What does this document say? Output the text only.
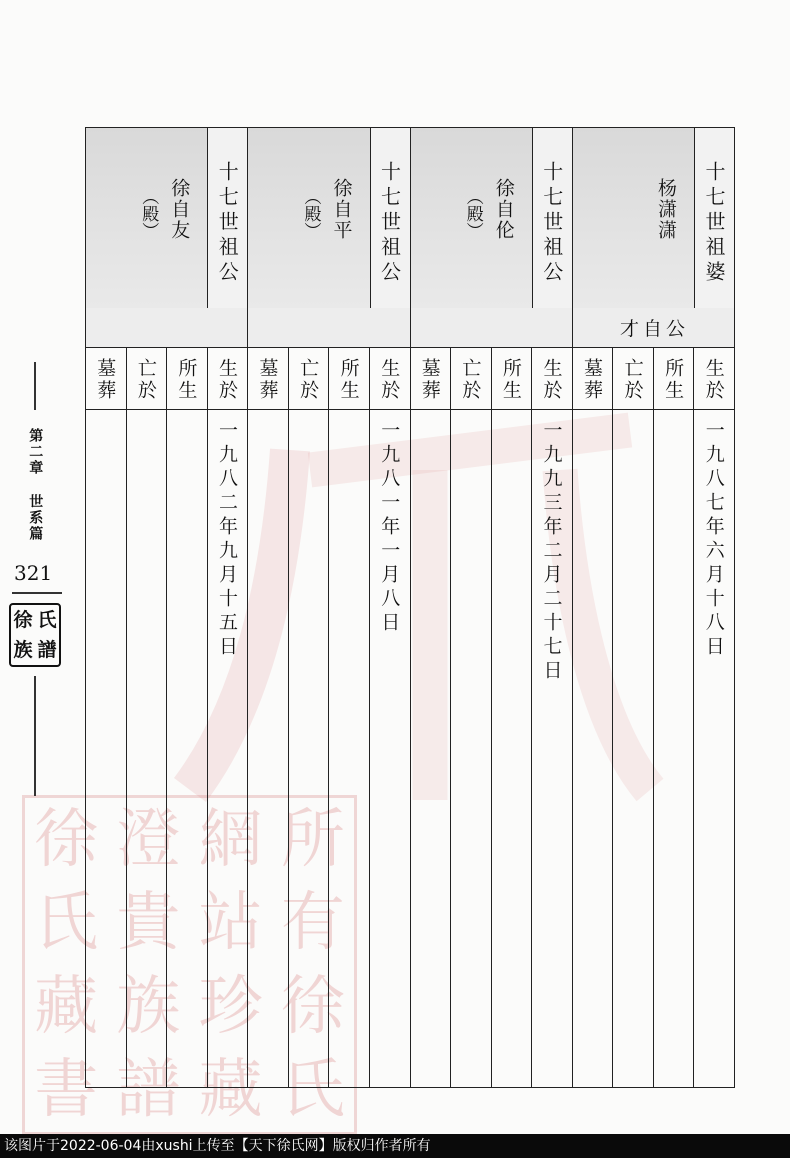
徐 澄 網 所
氏 貴 站 有
藏 族 珍 徐
書 譜 藏 氏
第二章 世系篇
321
徐 氏
族 譜
十七世祖婆
杨潇潇
才自公
生於
一九八七年六月十八日
所生
亡於
墓葬
十七世祖公
徐自伦
（殿）
生於
一九九三年二月二十七日
所生
亡於
墓葬
十七世祖公
徐自平
（殿）
生於
一九八一年一月八日
所生
亡於
墓葬
十七世祖公
徐自友
（殿）
生於
一九八二年九月十五日
所生
亡於
墓葬
该图片于2022-06-04由xushi上传至【天下徐氏网】版权归作者所有
